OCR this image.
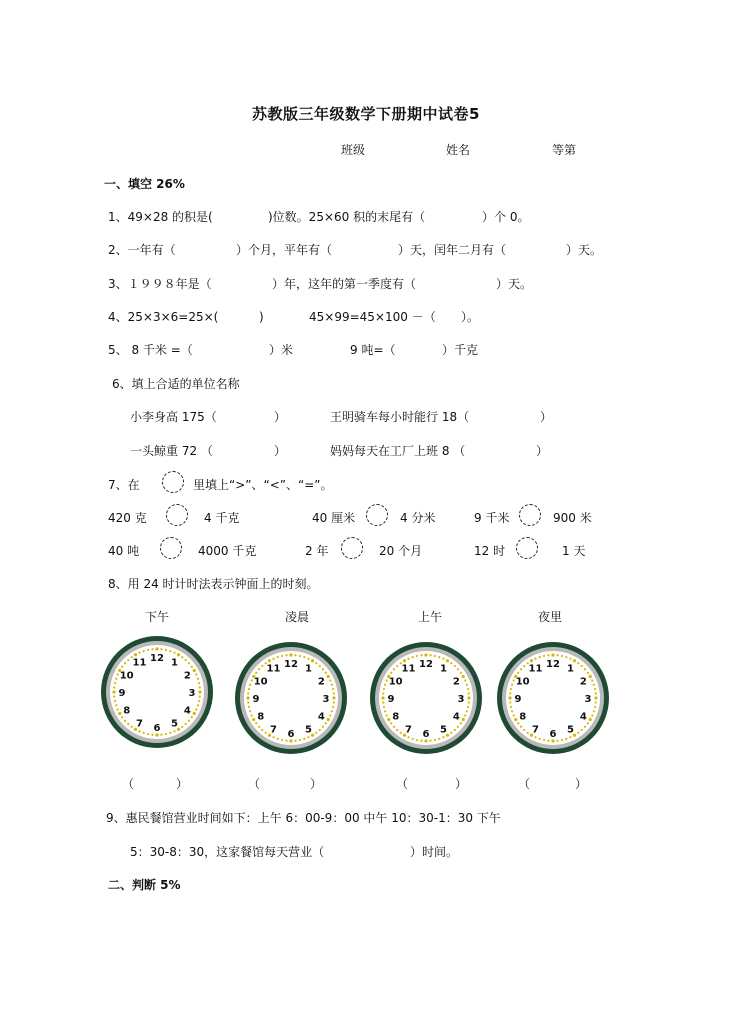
苏教版三年级数学下册期中试卷5
班级	姓名	等第
一、填空 26%
1、49×28 的积是(	)位数。25×60 积的末尾有（	）个 0。
2、一年有（	）个月，平年有（	）天，闰年二月有（	）天。
3、１９９８年是（	）年，这年的第一季度有（	）天。
4、25×3×6=25×(	)	45×99=45×100 －（ ）。
5、 8 千米 =（	）米	9 吨=（	）千克
6、填上合适的单位名称
小李身高 175（	）	王明骑车每小时能行 18（	）
一头鲸重 72 （	）	妈妈每天在工厂上班 8 （	）
7、在	里填上“>”、“<”、“=”。
420 克	4 千克	40 厘米	4 分米	9 千米	900 米
40 吨	4000 千克	2 年	20 个月	12 时	1 天
8、用 24 时计时法表示钟面上的时刻。
下午	凌晨	上午	夜里
12 1
2
3
4
5
6
7
8
9
10
11	12 1
2
3
4
5
6
7
8
9
10
11	12 1
2
3
4
5
6
7
8
9
10
11	12 1
2
3
4
5
6
7
8
9
10
11
（	）	（	）	（	）	（	）
9、惠民餐馆营业时间如下：上午 6：00-9：00 中午 10：30-1：30 下午
5：30-8：30，这家餐馆每天营业（	）时间。
二、判断 5%
